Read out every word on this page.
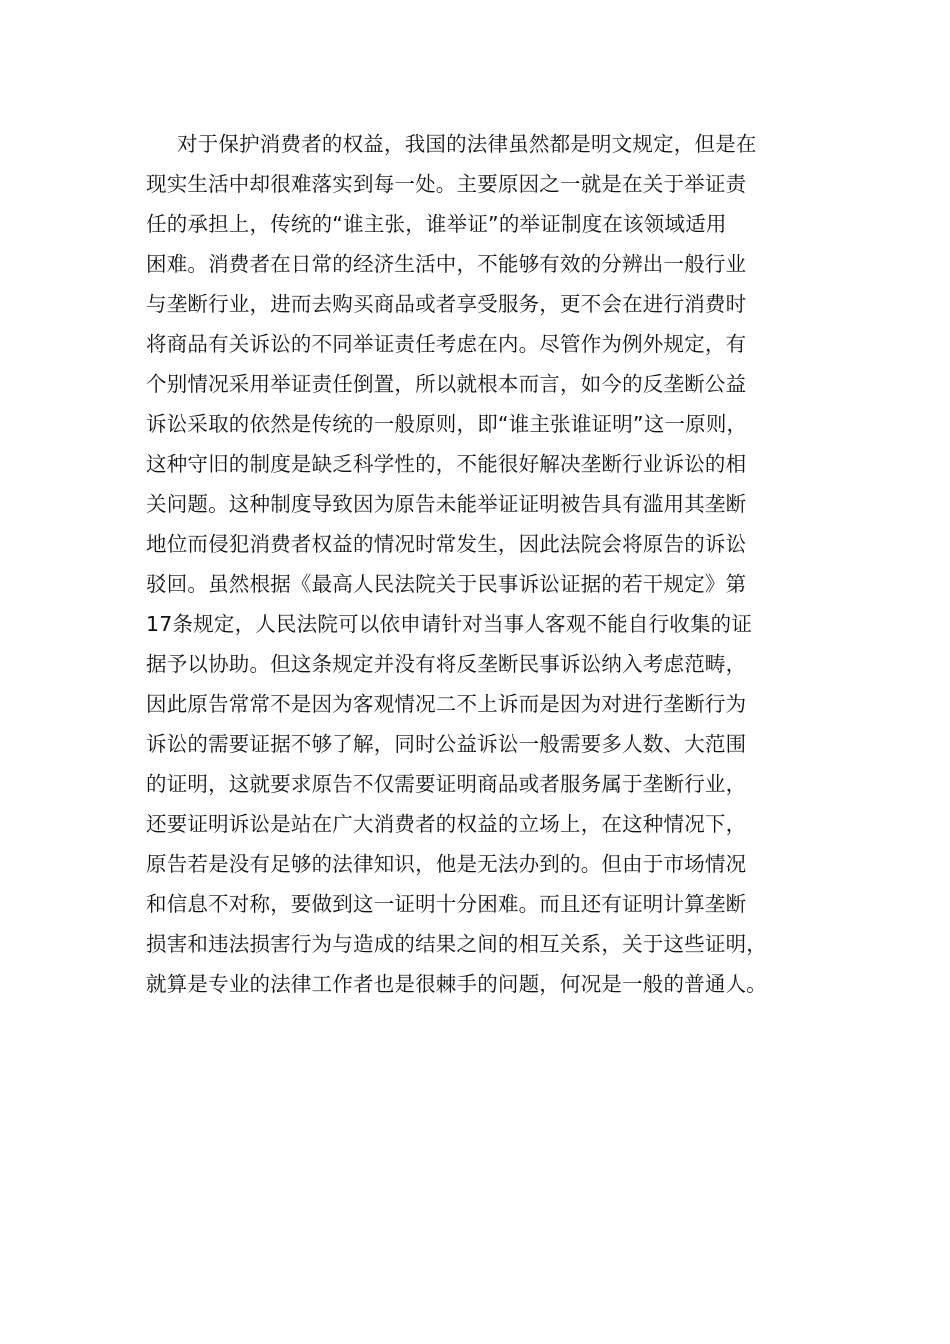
对于保护消费者的权益，我国的法律虽然都是明文规定，但是在
现实生活中却很难落实到每一处。主要原因之一就是在关于举证责
任的承担上，传统的“谁主张，谁举证”的举证制度在该领域适用
困难。消费者在日常的经济生活中，不能够有效的分辨出一般行业
与垄断行业，进而去购买商品或者享受服务，更不会在进行消费时
将商品有关诉讼的不同举证责任考虑在内。尽管作为例外规定，有
个别情况采用举证责任倒置，所以就根本而言，如今的反垄断公益
诉讼采取的依然是传统的一般原则，即“谁主张谁证明”这一原则，
这种守旧的制度是缺乏科学性的，不能很好解决垄断行业诉讼的相
关问题。这种制度导致因为原告未能举证证明被告具有滥用其垄断
地位而侵犯消费者权益的情况时常发生，因此法院会将原告的诉讼
驳回。虽然根据《最高人民法院关于民事诉讼证据的若干规定》第
17条规定，人民法院可以依申请针对当事人客观不能自行收集的证
据予以协助。但这条规定并没有将反垄断民事诉讼纳入考虑范畴，
因此原告常常不是因为客观情况二不上诉而是因为对进行垄断行为
诉讼的需要证据不够了解，同时公益诉讼一般需要多人数、大范围
的证明，这就要求原告不仅需要证明商品或者服务属于垄断行业，
还要证明诉讼是站在广大消费者的权益的立场上，在这种情况下，
原告若是没有足够的法律知识，他是无法办到的。但由于市场情况
和信息不对称，要做到这一证明十分困难。而且还有证明计算垄断
损害和违法损害行为与造成的结果之间的相互关系，关于这些证明，
就算是专业的法律工作者也是很棘手的问题，何况是一般的普通人。
